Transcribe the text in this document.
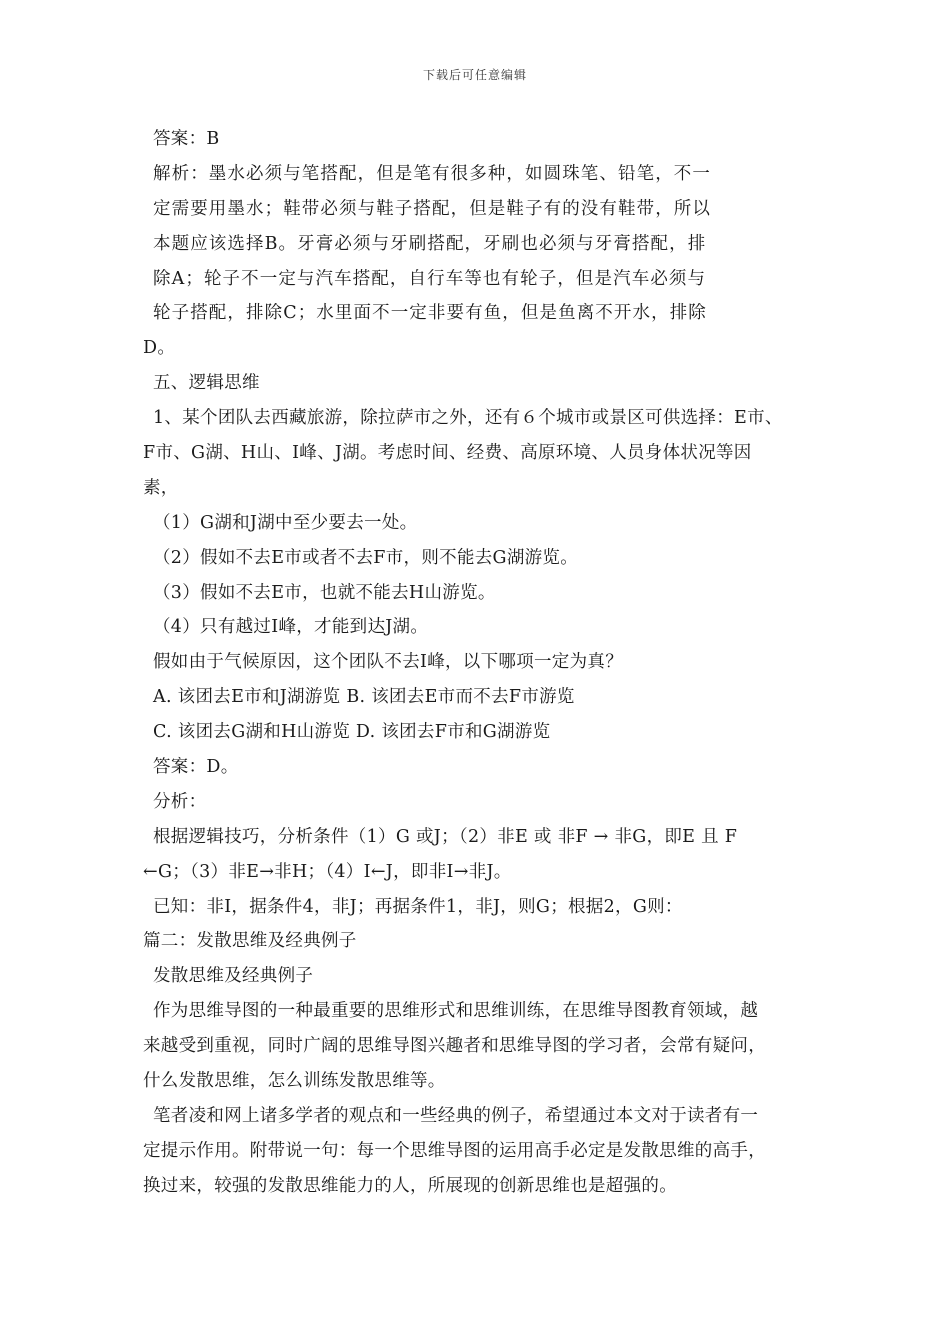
下载后可任意编辑
答案：B
解析：墨水必须与笔搭配，但是笔有很多种，如圆珠笔、铅笔，不一
定需要用墨水；鞋带必须与鞋子搭配，但是鞋子有的没有鞋带，所以
本题应该选择B。牙膏必须与牙刷搭配，牙刷也必须与牙膏搭配，排
除A；轮子不一定与汽车搭配，自行车等也有轮子，但是汽车必须与
轮子搭配，排除C；水里面不一定非要有鱼，但是鱼离不开水，排除
D。
五、逻辑思维
1、某个团队去西藏旅游，除拉萨市之外，还有６个城市或景区可供选择：E市、
F市、G湖、H山、I峰、J湖。考虑时间、经费、高原环境、人员身体状况等因
素，
（1）G湖和J湖中至少要去一处。
（2）假如不去E市或者不去F市，则不能去G湖游览。
（3）假如不去E市，也就不能去H山游览。
（4）只有越过I峰，才能到达J湖。
假如由于气候原因，这个团队不去I峰，以下哪项一定为真？
A. 该团去E市和J湖游览 B. 该团去E市而不去F市游览
C. 该团去G湖和H山游览 D. 该团去F市和G湖游览
答案：D。
分析：
根据逻辑技巧，分析条件（1）G 或J；（2）非E 或 非F → 非G，即E 且 F
←G；（3）非E→非H；（4）I←J，即非I→非J。
已知：非I，据条件4，非J；再据条件1，非J，则G；根据2，G则：
篇二：发散思维及经典例子
发散思维及经典例子
作为思维导图的一种最重要的思维形式和思维训练，在思维导图教育领域，越
来越受到重视，同时广阔的思维导图兴趣者和思维导图的学习者，会常有疑问，
什么发散思维，怎么训练发散思维等。
笔者凌和网上诸多学者的观点和一些经典的例子，希望通过本文对于读者有一
定提示作用。附带说一句：每一个思维导图的运用高手必定是发散思维的高手，
换过来，较强的发散思维能力的人，所展现的创新思维也是超强的。
